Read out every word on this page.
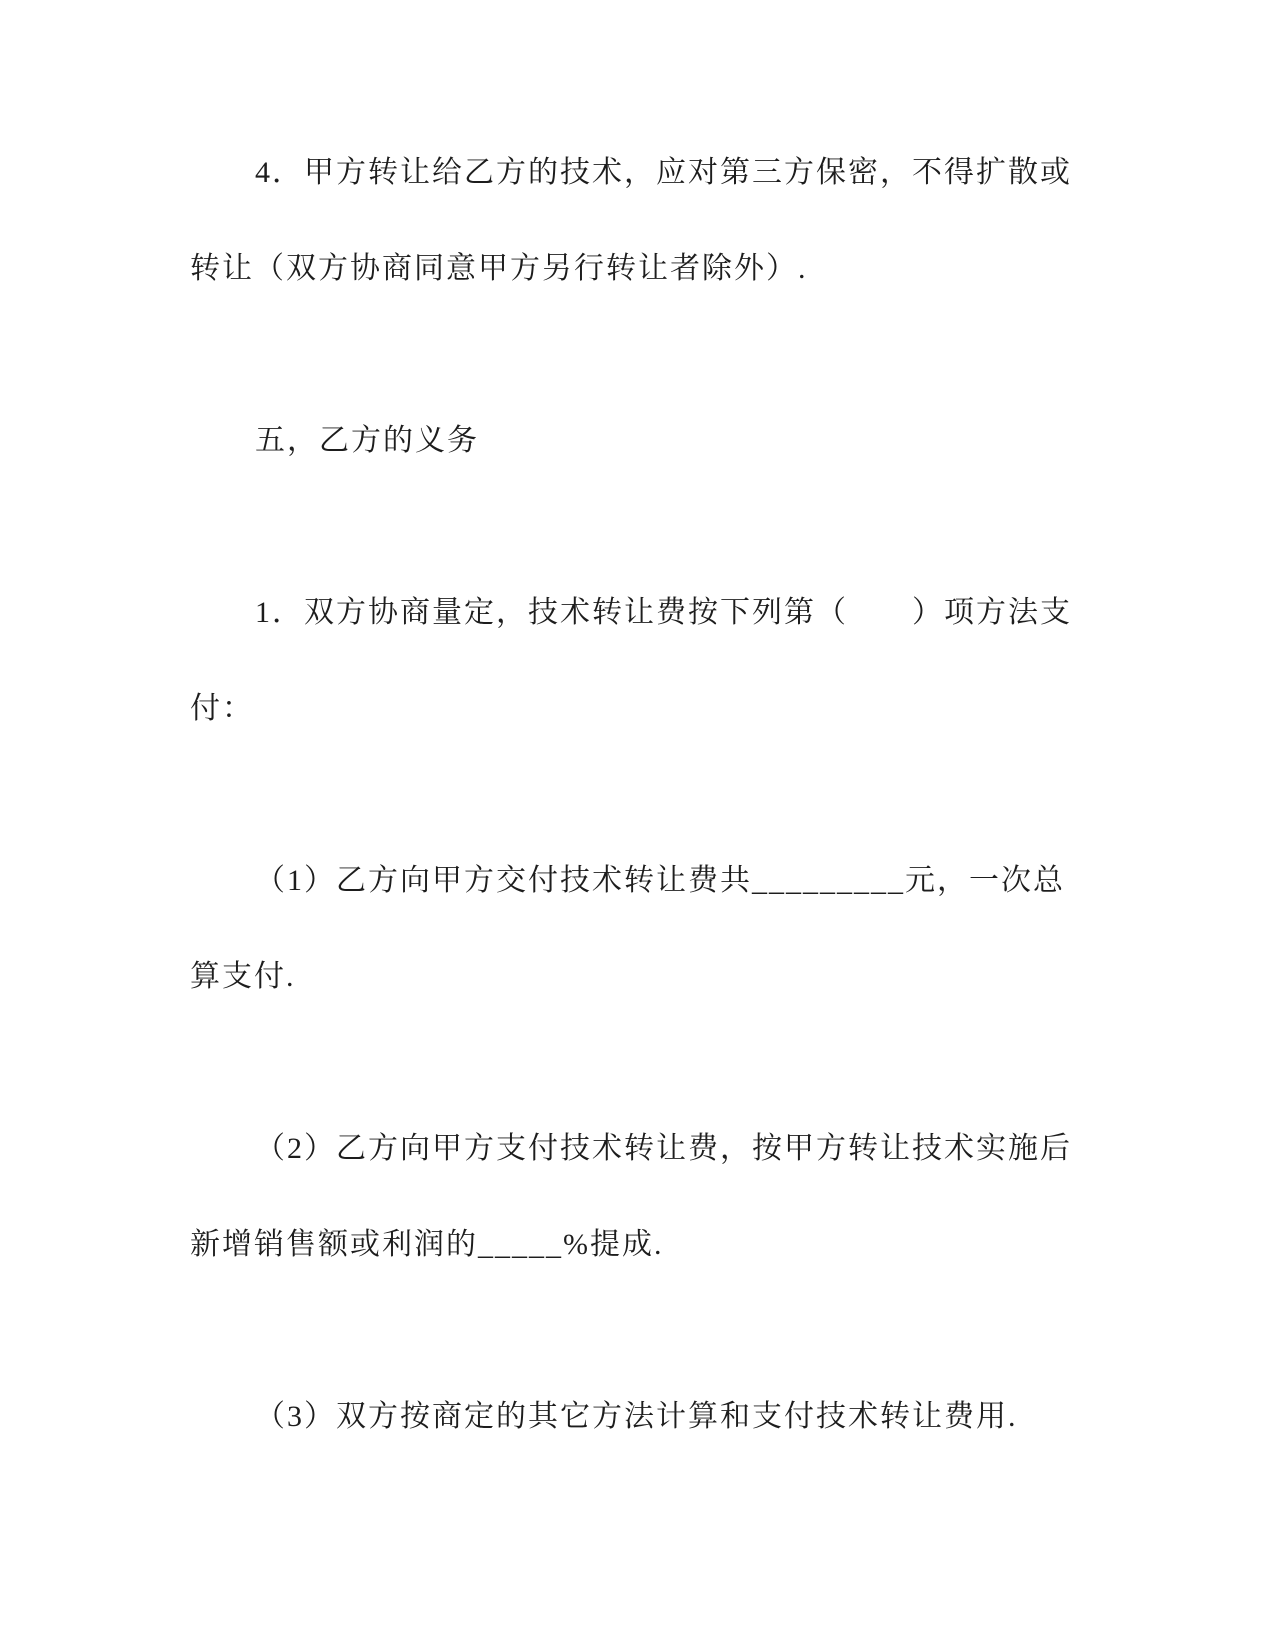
4．甲方转让给乙方的技术，应对第三方保密，不得扩散或
转让（双方协商同意甲方另行转让者除外）.

五，乙方的义务

1．双方协商量定，技术转让费按下列第（　　）项方法支
付：

（1）乙方向甲方交付技术转让费共_________元，一次总
算支付.

（2）乙方向甲方支付技术转让费，按甲方转让技术实施后
新增销售额或利润的_____%提成.

（3）双方按商定的其它方法计算和支付技术转让费用.
